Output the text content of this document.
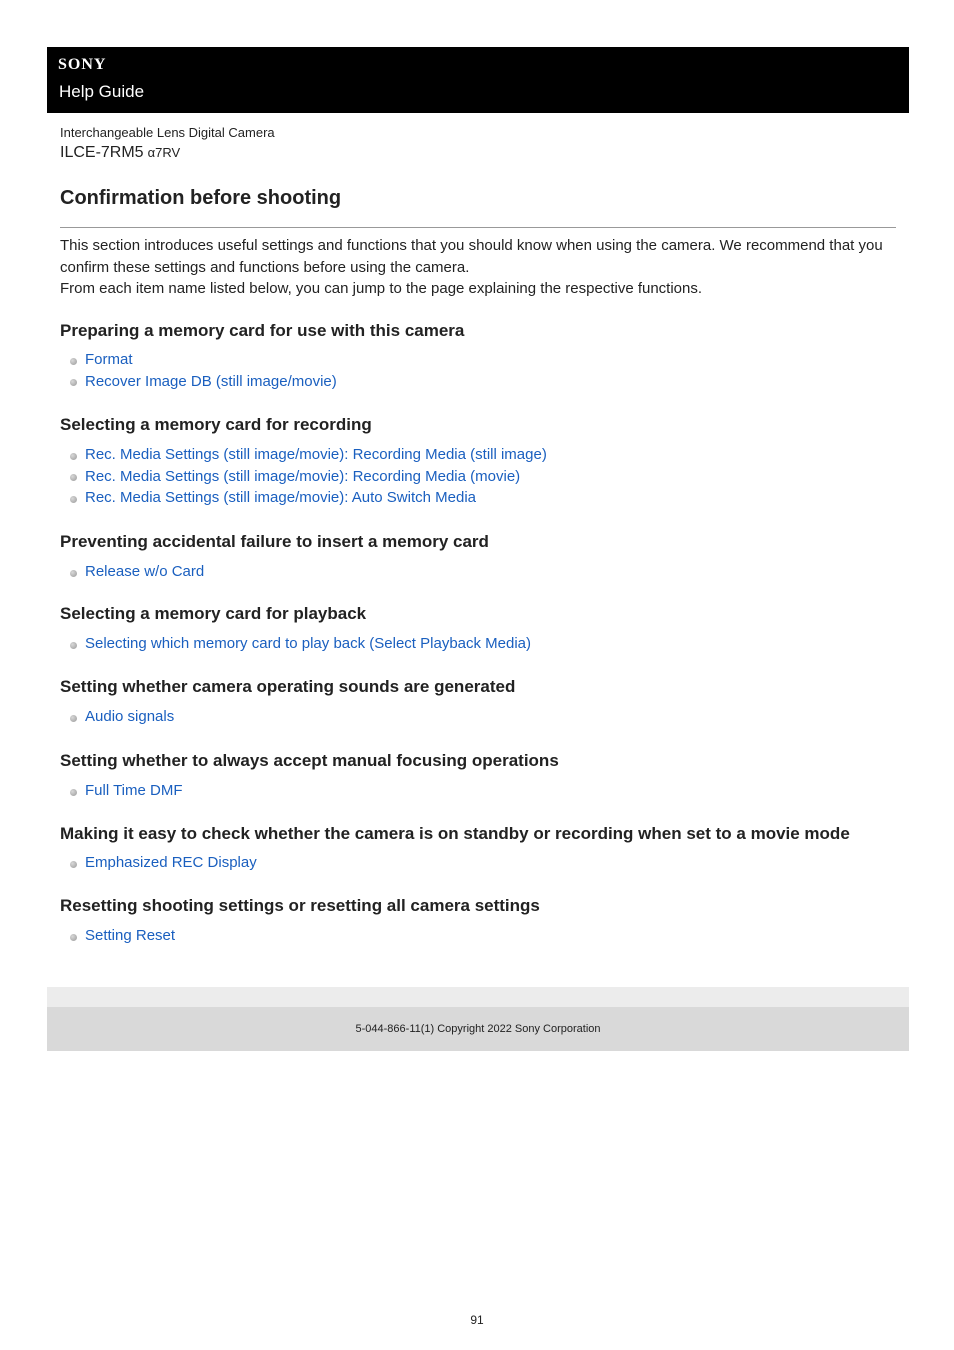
SONY
Help Guide
Interchangeable Lens Digital Camera
ILCE-7RM5 α7RV
Confirmation before shooting

This section introduces useful settings and functions that you should know when using the camera. We recommend that you confirm these settings and functions before using the camera.

From each item name listed below, you can jump to the page explaining the respective functions.

Preparing a memory card for use with this camera
Format
Recover Image DB (still image/movie)
Selecting a memory card for recording
Rec. Media Settings (still image/movie): Recording Media (still image)
Rec. Media Settings (still image/movie): Recording Media (movie)
Rec. Media Settings (still image/movie): Auto Switch Media
Preventing accidental failure to insert a memory card
Release w/o Card
Selecting a memory card for playback
Selecting which memory card to play back (Select Playback Media)
Setting whether camera operating sounds are generated
Audio signals
Setting whether to always accept manual focusing operations
Full Time DMF
Making it easy to check whether the camera is on standby or recording when set to a movie mode
Emphasized REC Display
Resetting shooting settings or resetting all camera settings
Setting Reset
5-044-866-11(1) Copyright 2022 Sony Corporation
91
